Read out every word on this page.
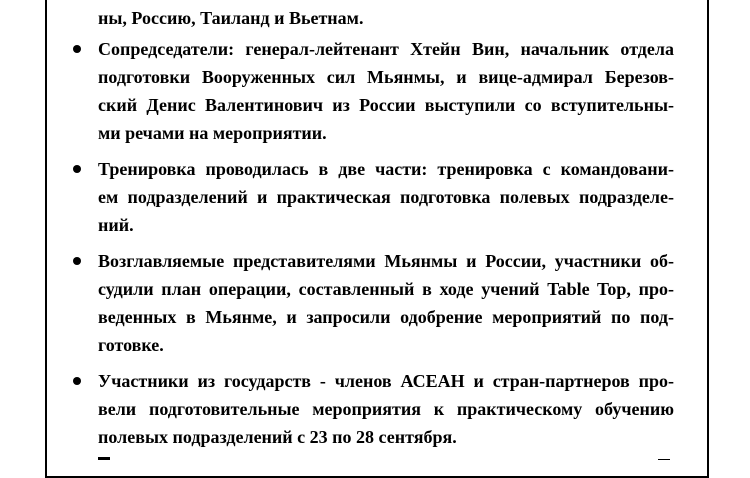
ны, Россию, Таиланд и Вьетнам.
Сопредседатели: генерал-лейтенант Хтейн Вин, начальник отдела
подготовки Вооруженных сил Мьянмы, и вице-адмирал Березов-
ский Денис Валентинович из России выступили со вступительны-
ми речами на мероприятии.
Тренировка проводилась в две части: тренировка с командовани-
ем подразделений и практическая подготовка полевых подразделе-
ний.
Возглавляемые представителями Мьянмы и России, участники об-
судили план операции, составленный в ходе учений Table Top, про-
веденных в Мьянме, и запросили одобрение мероприятий по под-
готовке.
Участники из государств - членов АСЕАН и стран-партнеров про-
вели подготовительные мероприятия к практическому обучению
полевых подразделений с 23 по 28 сентября.
